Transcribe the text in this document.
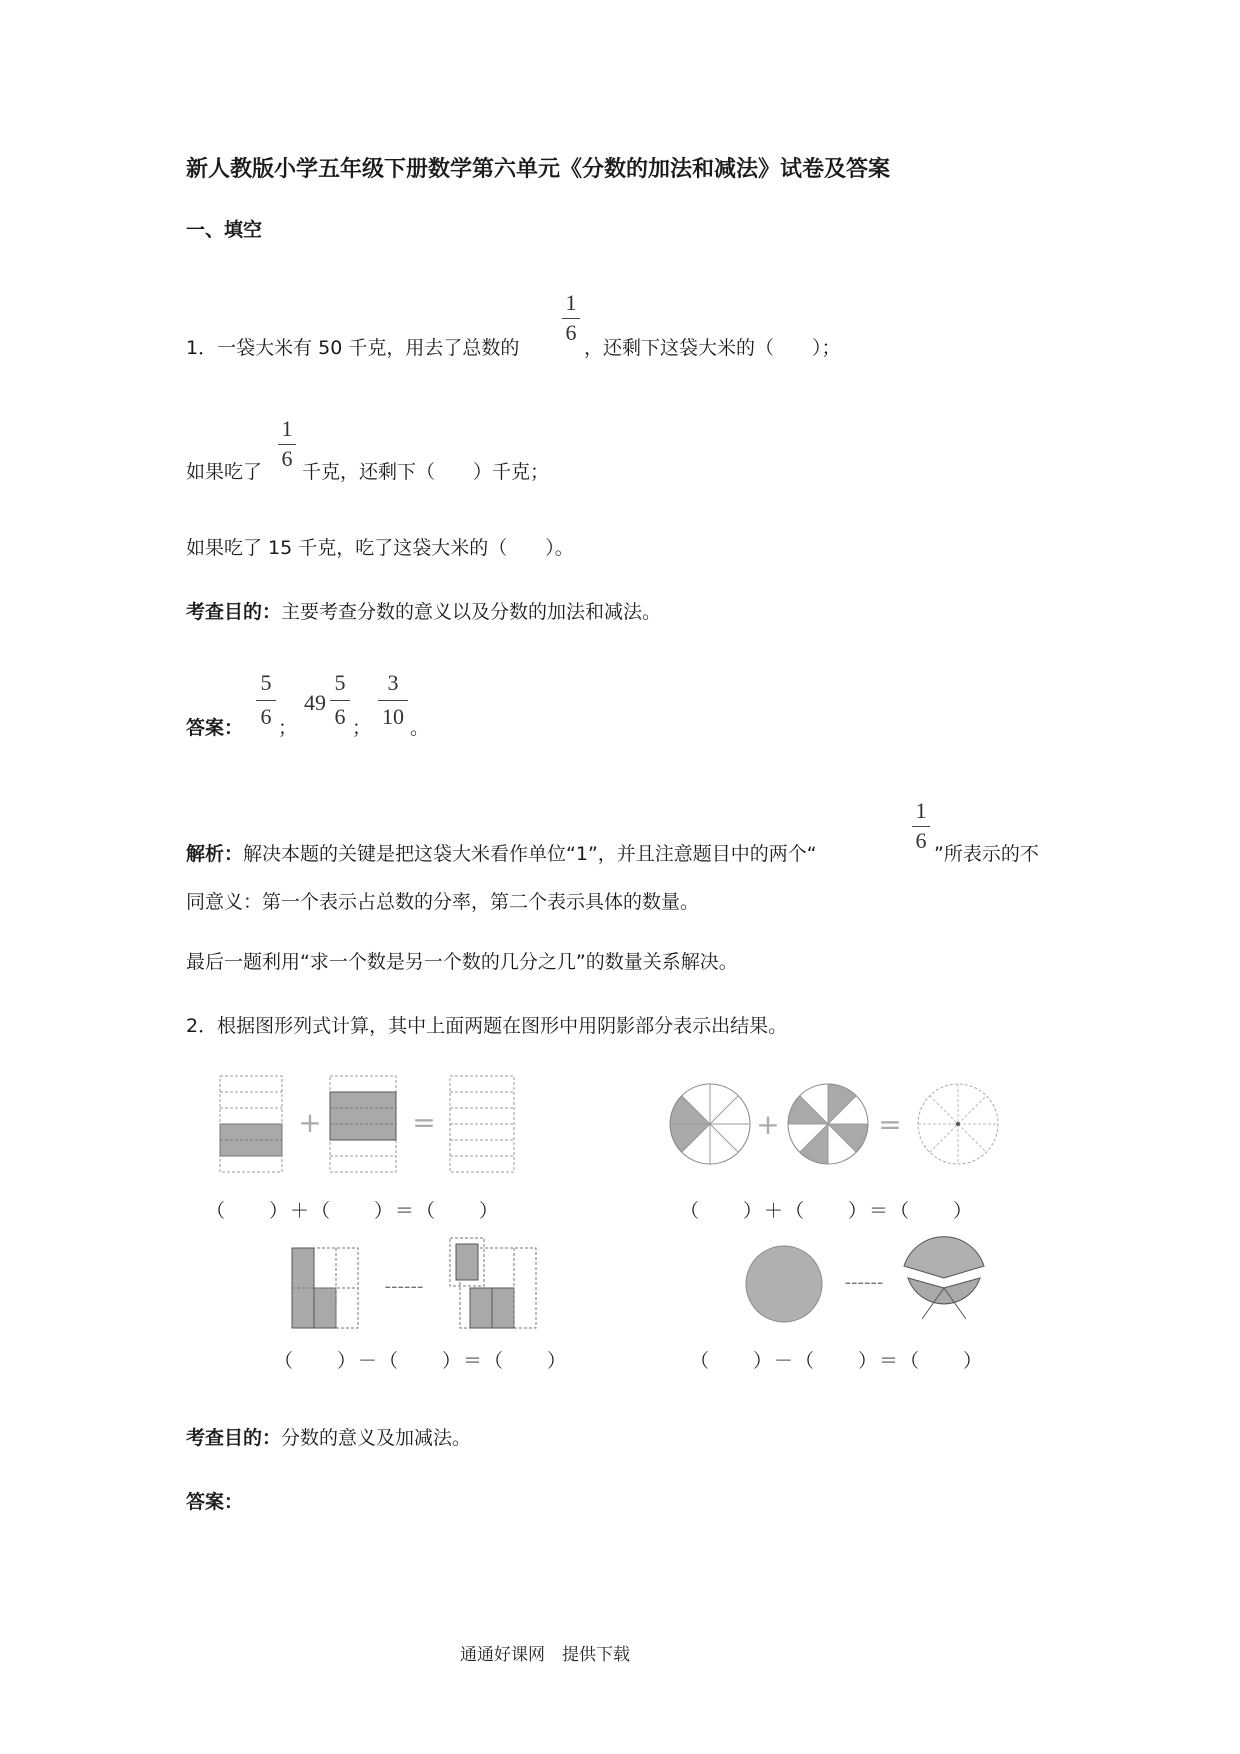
新人教版小学五年级下册数学第六单元《分数的加法和减法》试卷及答案
一、填空
1．一袋大米有 50 千克，用去了总数的
1
6
，还剩下这袋大米的（　　）；
如果吃了
1
6
千克，还剩下（　　）千克；
如果吃了 15 千克，吃了这袋大米的（　　）。
考查目的：主要考查分数的意义以及分数的加法和减法。
答案：
5
6 ；
49
5
6 ；
3
10 。
解析：解决本题的关键是把这袋大米看作单位“1”，并且注意题目中的两个“
1
6
”所表示的不
同意义：第一个表示占总数的分率，第二个表示具体的数量。
最后一题利用“求一个数是另一个数的几分之几”的数量关系解决。
2．根据图形列式计算，其中上面两题在图形中用阴影部分表示出结果。
+	=	+	=
（　　）＋（　　）＝（　　）	（　　）＋（　　）＝（　　）
------	------
（　　）－（　　）＝（　　）	（　　）－（　　）＝（　　）
考查目的：分数的意义及加减法。
答案：
通通好课网　提供下载
